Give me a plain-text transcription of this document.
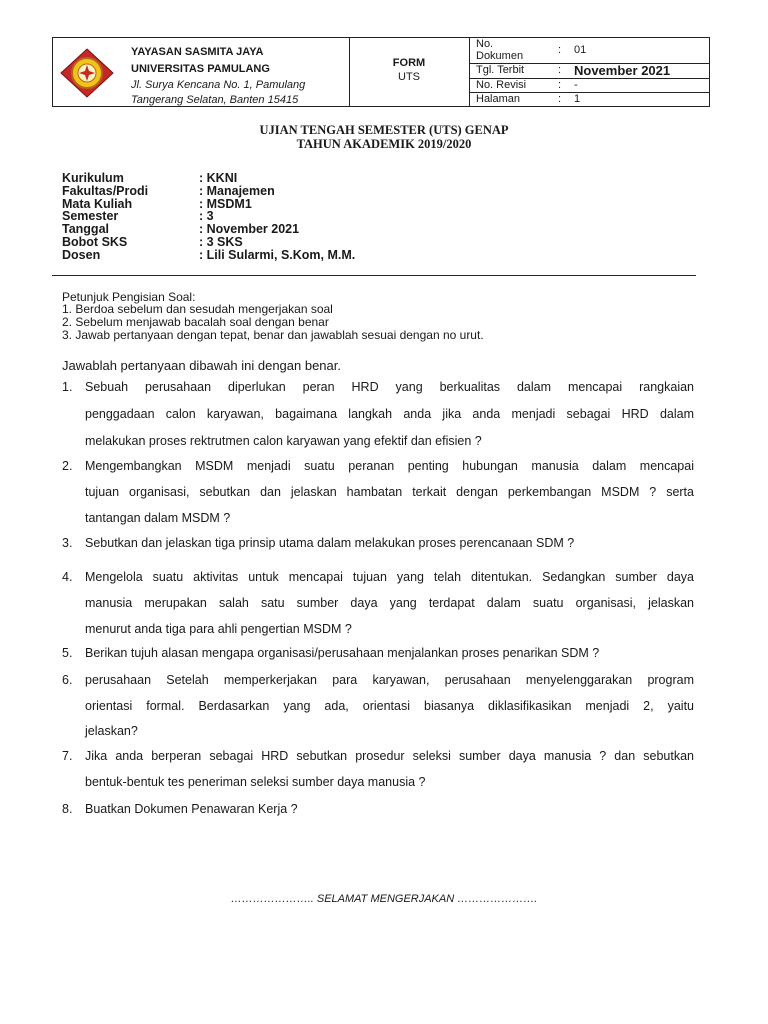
YAYASAN SASMITA JAYA
UNIVERSITAS PAMULANG
Jl. Surya Kencana No. 1, Pamulang
Tangerang Selatan, Banten 15415
FORM
UTS
No.
Dokumen	: 01
Tgl. Terbit	: November 2021
No. Revisi	: -
Halaman	: 1
UJIAN TENGAH SEMESTER (UTS) GENAP
TAHUN AKADEMIK 2019/2020
Kurikulum	: KKNI
Fakultas/Prodi	: Manajemen
Mata Kuliah	: MSDM1
Semester	: 3
Tanggal	: November 2021
Bobot SKS	: 3 SKS
Dosen	: Lili Sularmi, S.Kom, M.M.
Petunjuk Pengisian Soal:
1. Berdoa sebelum dan sesudah mengerjakan soal
2. Sebelum menjawab bacalah soal dengan benar
3. Jawab pertanyaan dengan tepat, benar dan jawablah sesuai dengan no urut.
Jawablah pertanyaan dibawah ini dengan benar.
1. Sebuah perusahaan diperlukan peran HRD yang berkualitas dalam mencapai rangkaian
penggadaan calon karyawan, bagaimana langkah anda jika anda menjadi sebagai HRD dalam
melakukan proses rektrutmen calon karyawan yang efektif dan efisien ?
2. Mengembangkan MSDM menjadi suatu peranan penting hubungan manusia dalam mencapai
tujuan organisasi, sebutkan dan jelaskan hambatan terkait dengan perkembangan MSDM ? serta
tantangan dalam MSDM ?
3. Sebutkan dan jelaskan tiga prinsip utama dalam melakukan proses perencanaan SDM ?
4. Mengelola suatu aktivitas untuk mencapai tujuan yang telah ditentukan. Sedangkan sumber daya
manusia merupakan salah satu sumber daya yang terdapat dalam suatu organisasi, jelaskan
menurut anda tiga para ahli pengertian MSDM ?
5. Berikan tujuh alasan mengapa organisasi/perusahaan menjalankan proses penarikan SDM ?
6. perusahaan Setelah memperkerjakan para karyawan, perusahaan menyelenggarakan program
orientasi formal. Berdasarkan yang ada, orientasi biasanya diklasifikasikan menjadi 2, yaitu
jelaskan?
7. Jika anda berperan sebagai HRD sebutkan prosedur seleksi sumber daya manusia ? dan sebutkan
bentuk-bentuk tes peneriman seleksi sumber daya manusia ?
8. Buatkan Dokumen Penawaran Kerja ?
………………….. SELAMAT MENGERJAKAN ………………….
